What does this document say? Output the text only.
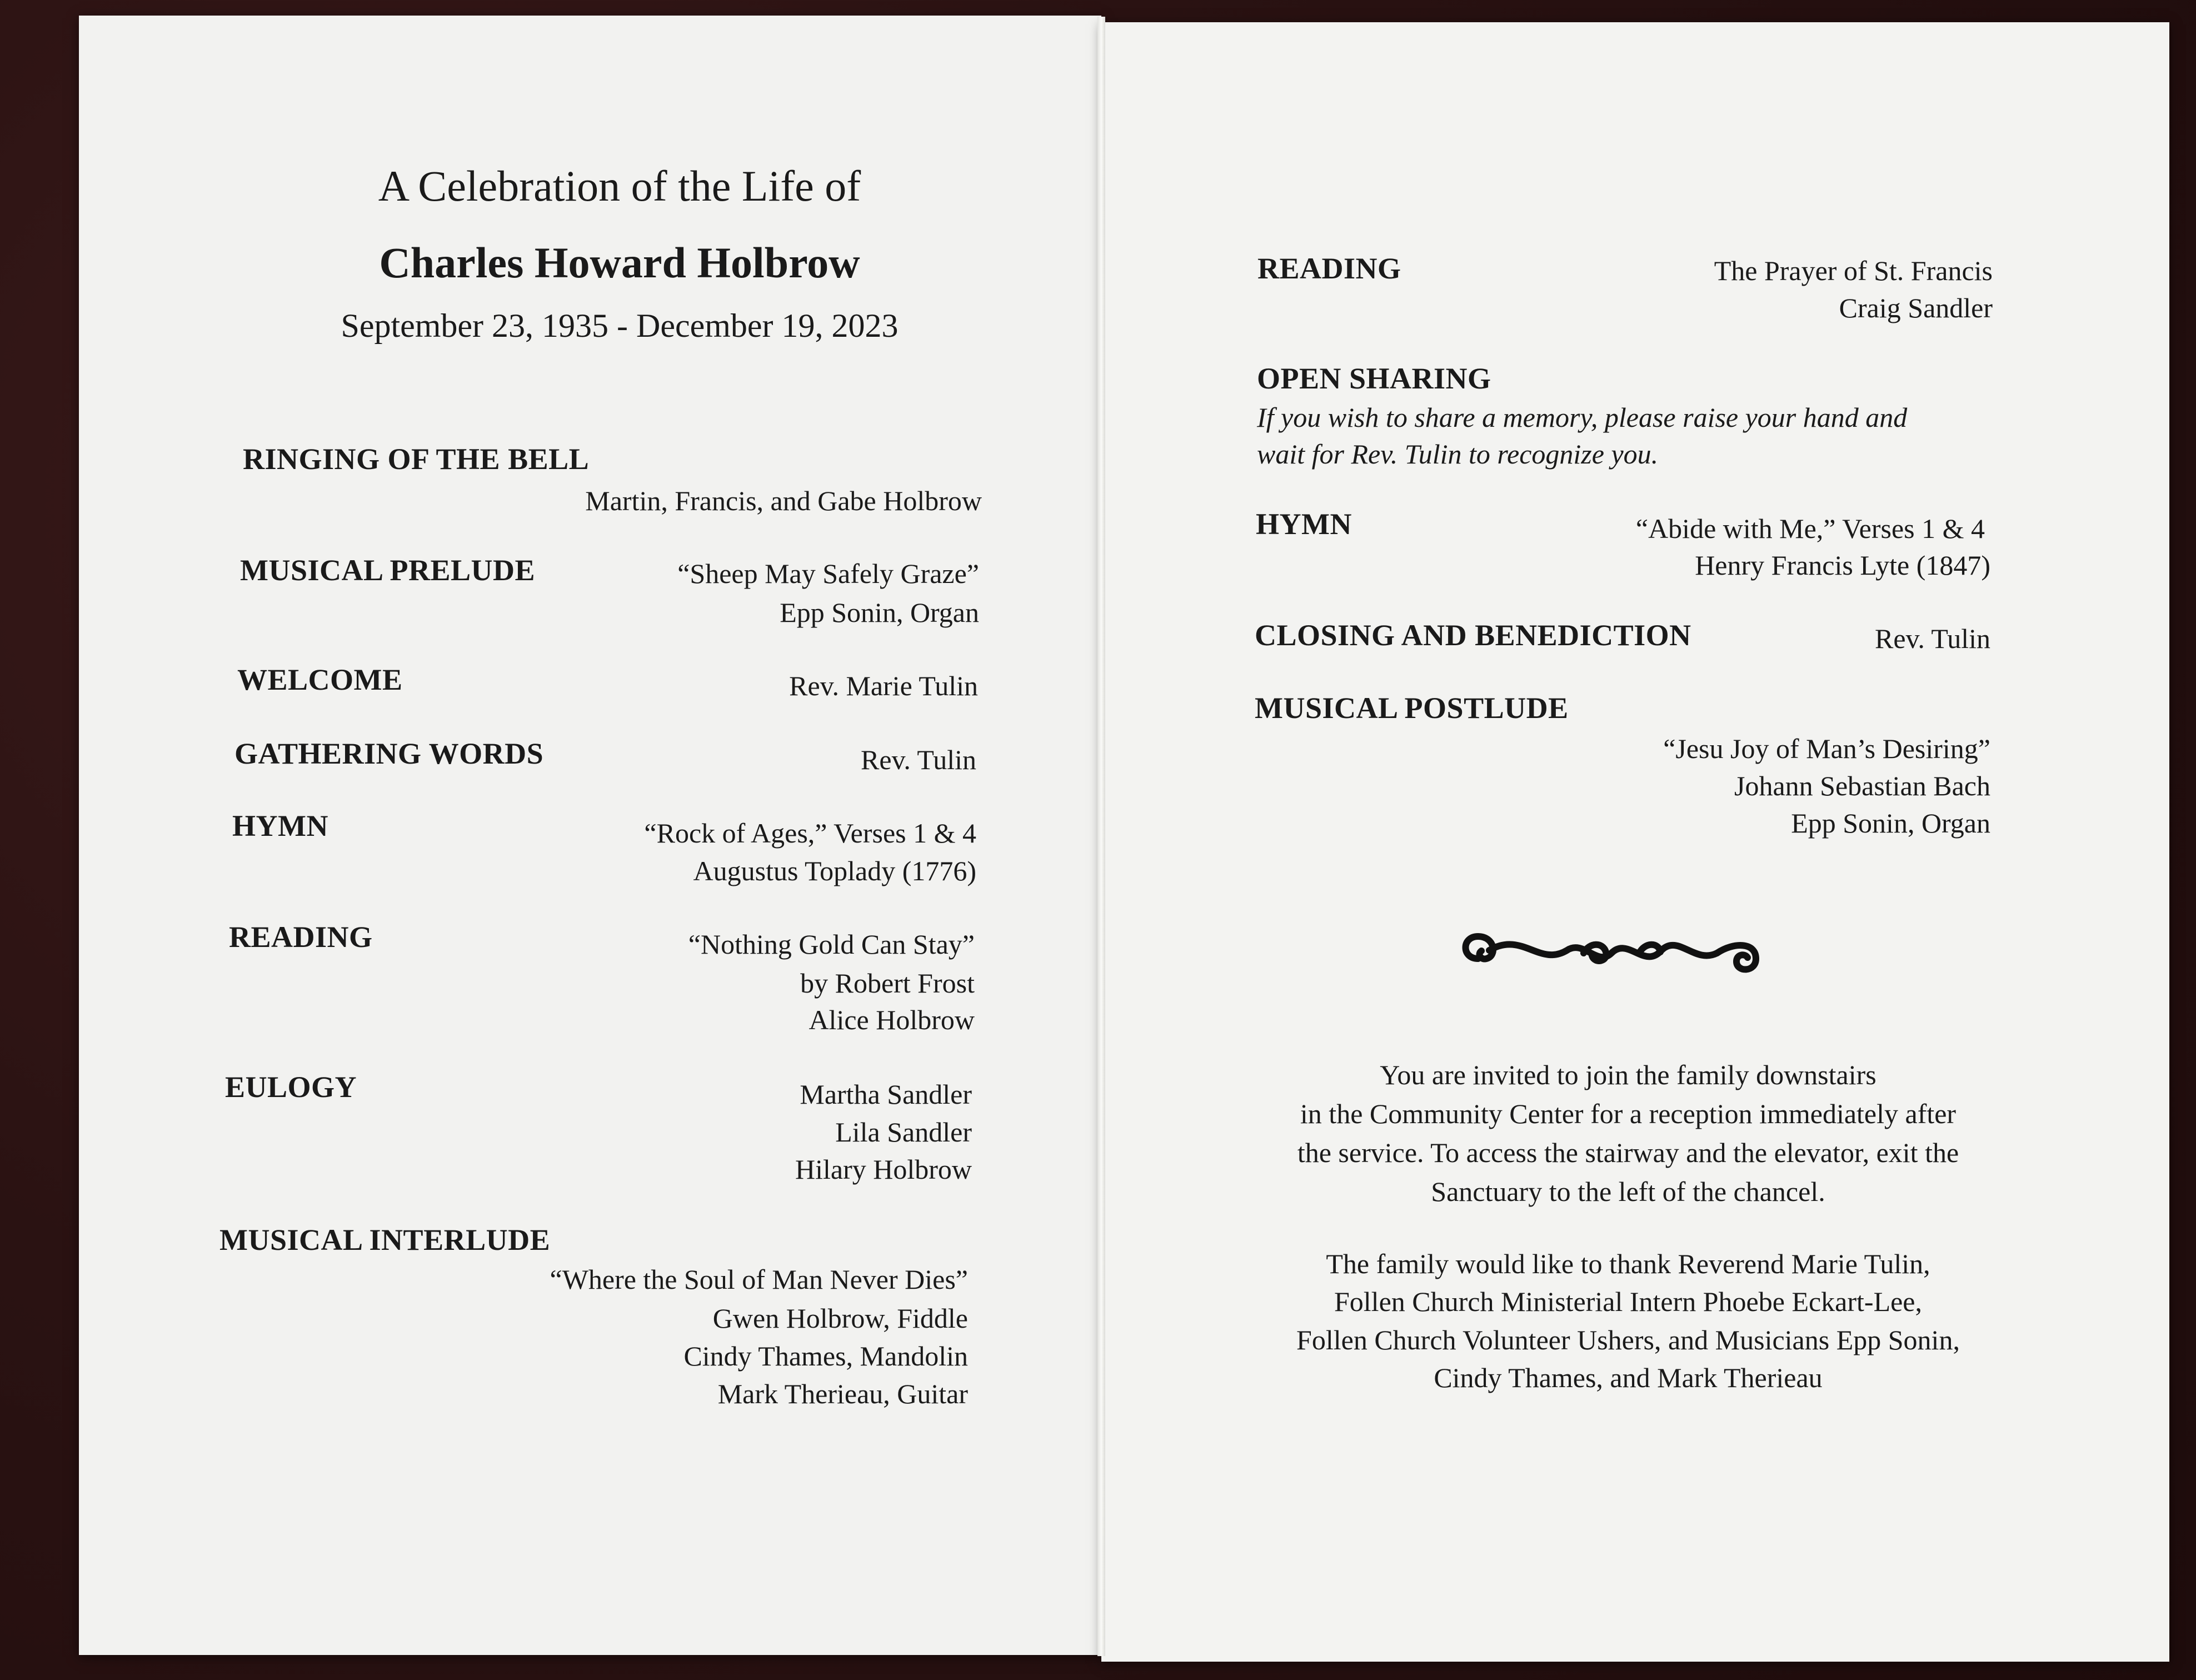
A Celebration of the Life of
Charles Howard Holbrow
September 23, 1935 - December 19, 2023
RINGING OF THE BELL
Martin, Francis, and Gabe Holbrow
MUSICAL PRELUDE	“Sheep May Safely Graze”
Epp Sonin, Organ
WELCOME	Rev. Marie Tulin
GATHERING WORDS	Rev. Tulin
HYMN	“Rock of Ages,” Verses 1 & 4
Augustus Toplady (1776)
READING	“Nothing Gold Can Stay”
by Robert Frost
Alice Holbrow
EULOGY	Martha Sandler
Lila Sandler
Hilary Holbrow
MUSICAL INTERLUDE
“Where the Soul of Man Never Dies”
Gwen Holbrow, Fiddle
Cindy Thames, Mandolin
Mark Therieau, Guitar
READING	The Prayer of St. Francis
Craig Sandler
OPEN SHARING
If you wish to share a memory, please raise your hand and
wait for Rev. Tulin to recognize you.
HYMN	“Abide with Me,” Verses 1 & 4
Henry Francis Lyte (1847)
CLOSING AND BENEDICTION	Rev. Tulin
MUSICAL POSTLUDE
“Jesu Joy of Man’s Desiring”
Johann Sebastian Bach
Epp Sonin, Organ
You are invited to join the family downstairs
in the Community Center for a reception immediately after
the service. To access the stairway and the elevator, exit the
Sanctuary to the left of the chancel.
The family would like to thank Reverend Marie Tulin,
Follen Church Ministerial Intern Phoebe Eckart-Lee,
Follen Church Volunteer Ushers, and Musicians Epp Sonin,
Cindy Thames, and Mark Therieau
